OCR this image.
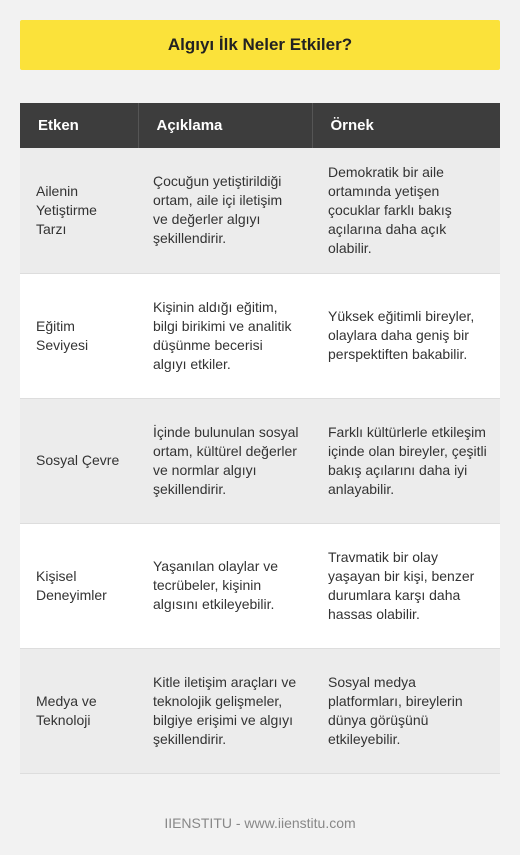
Algıyı İlk Neler Etkiler?
Etken	Açıklama	Örnek
Ailenin Yetiştirme Tarzı	Çocuğun yetiştirildiği ortam, aile içi iletişim ve değerler algıyı şekillendirir.	Demokratik bir aile ortamında yetişen çocuklar farklı bakış açılarına daha açık olabilir.
Eğitim Seviyesi	Kişinin aldığı eğitim, bilgi birikimi ve analitik düşünme becerisi algıyı etkiler.	Yüksek eğitimli bireyler, olaylara daha geniş bir perspektiften bakabilir.
Sosyal Çevre	İçinde bulunulan sosyal ortam, kültürel değerler ve normlar algıyı şekillendirir.	Farklı kültürlerle etkileşim içinde olan bireyler, çeşitli bakış açılarını daha iyi anlayabilir.
Kişisel Deneyimler	Yaşanılan olaylar ve tecrübeler, kişinin algısını etkileyebilir.	Travmatik bir olay yaşayan bir kişi, benzer durumlara karşı daha hassas olabilir.
Medya ve Teknoloji	Kitle iletişim araçları ve teknolojik gelişmeler, bilgiye erişimi ve algıyı şekillendirir.	Sosyal medya platformları, bireylerin dünya görüşünü etkileyebilir.
IIENSTITU - www.iienstitu.com
